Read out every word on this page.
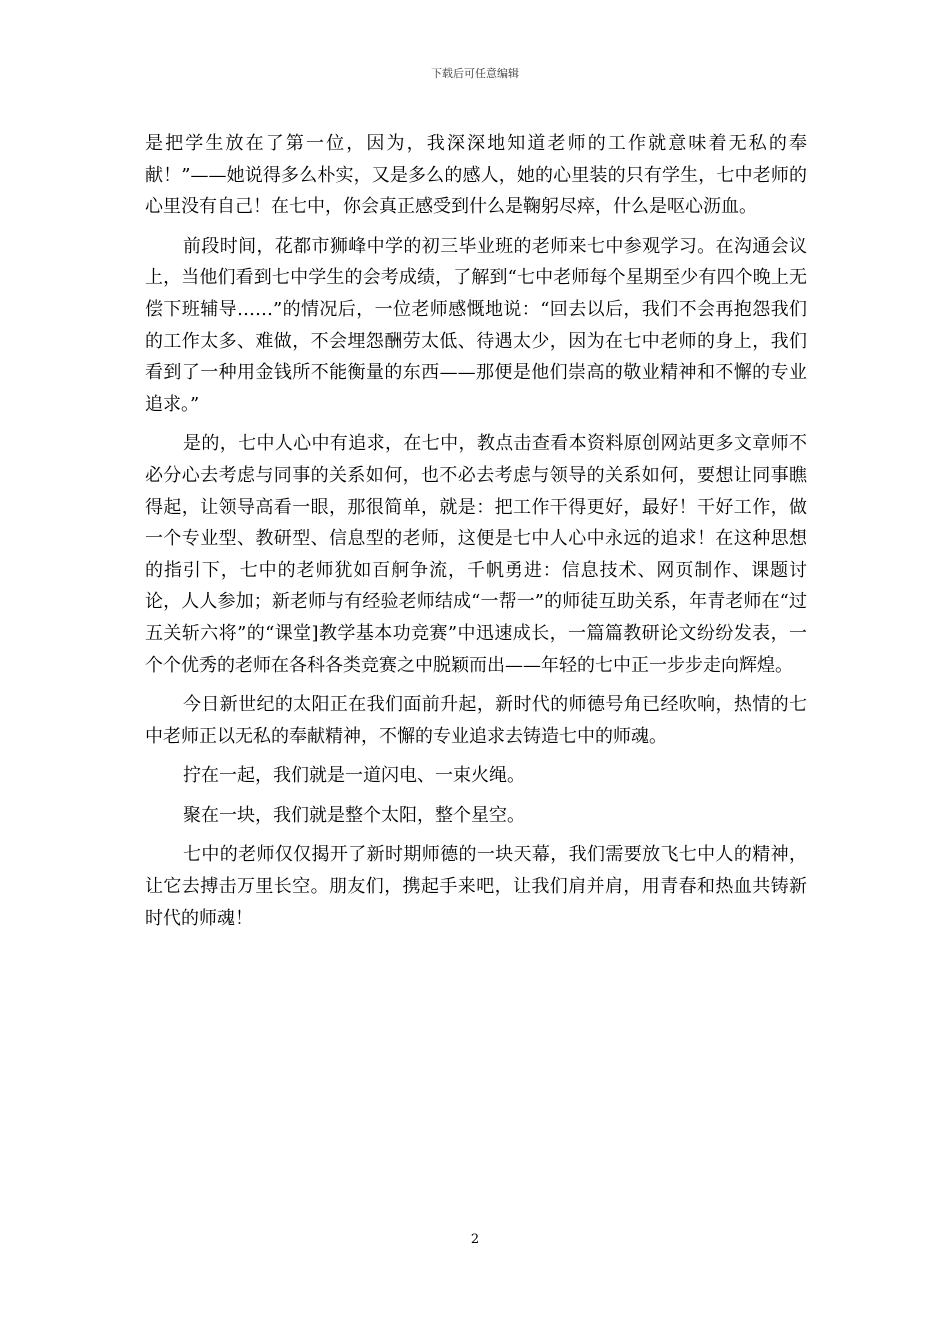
下载后可任意编辑

是把学生放在了第一位，因为，我深深地知道老师的工作就意味着无私的奉献！”——她说得多么朴实，又是多么的感人，她的心里装的只有学生，七中老师的心里没有自己！在七中，你会真正感受到什么是鞠躬尽瘁，什么是呕心沥血。

前段时间，花都市狮峰中学的初三毕业班的老师来七中参观学习。在沟通会议上，当他们看到七中学生的会考成绩，了解到“七中老师每个星期至少有四个晚上无偿下班辅导……”的情况后，一位老师感慨地说：“回去以后，我们不会再抱怨我们的工作太多、难做，不会埋怨酬劳太低、待遇太少，因为在七中老师的身上，我们看到了一种用金钱所不能衡量的东西——那便是他们崇高的敬业精神和不懈的专业追求。”

是的，七中人心中有追求，在七中，教点击查看本资料原创网站更多文章师不必分心去考虑与同事的关系如何，也不必去考虑与领导的关系如何，要想让同事瞧得起，让领导高看一眼，那很简单，就是：把工作干得更好，最好！干好工作，做一个专业型、教研型、信息型的老师，这便是七中人心中永远的追求！在这种思想的指引下，七中的老师犹如百舸争流，千帆勇进：信息技术、网页制作、课题讨论，人人参加；新老师与有经验老师结成“一帮一”的师徒互助关系，年青老师在“过五关斩六将”的“课堂]教学基本功竞赛”中迅速成长，一篇篇教研论文纷纷发表，一个个优秀的老师在各科各类竞赛之中脱颖而出——年轻的七中正一步步走向辉煌。

今日新世纪的太阳正在我们面前升起，新时代的师德号角已经吹响，热情的七中老师正以无私的奉献精神，不懈的专业追求去铸造七中的师魂。

拧在一起，我们就是一道闪电、一束火绳。

聚在一块，我们就是整个太阳，整个星空。

七中的老师仅仅揭开了新时期师德的一块天幕，我们需要放飞七中人的精神，让它去搏击万里长空。朋友们，携起手来吧，让我们肩并肩，用青春和热血共铸新时代的师魂！

2
